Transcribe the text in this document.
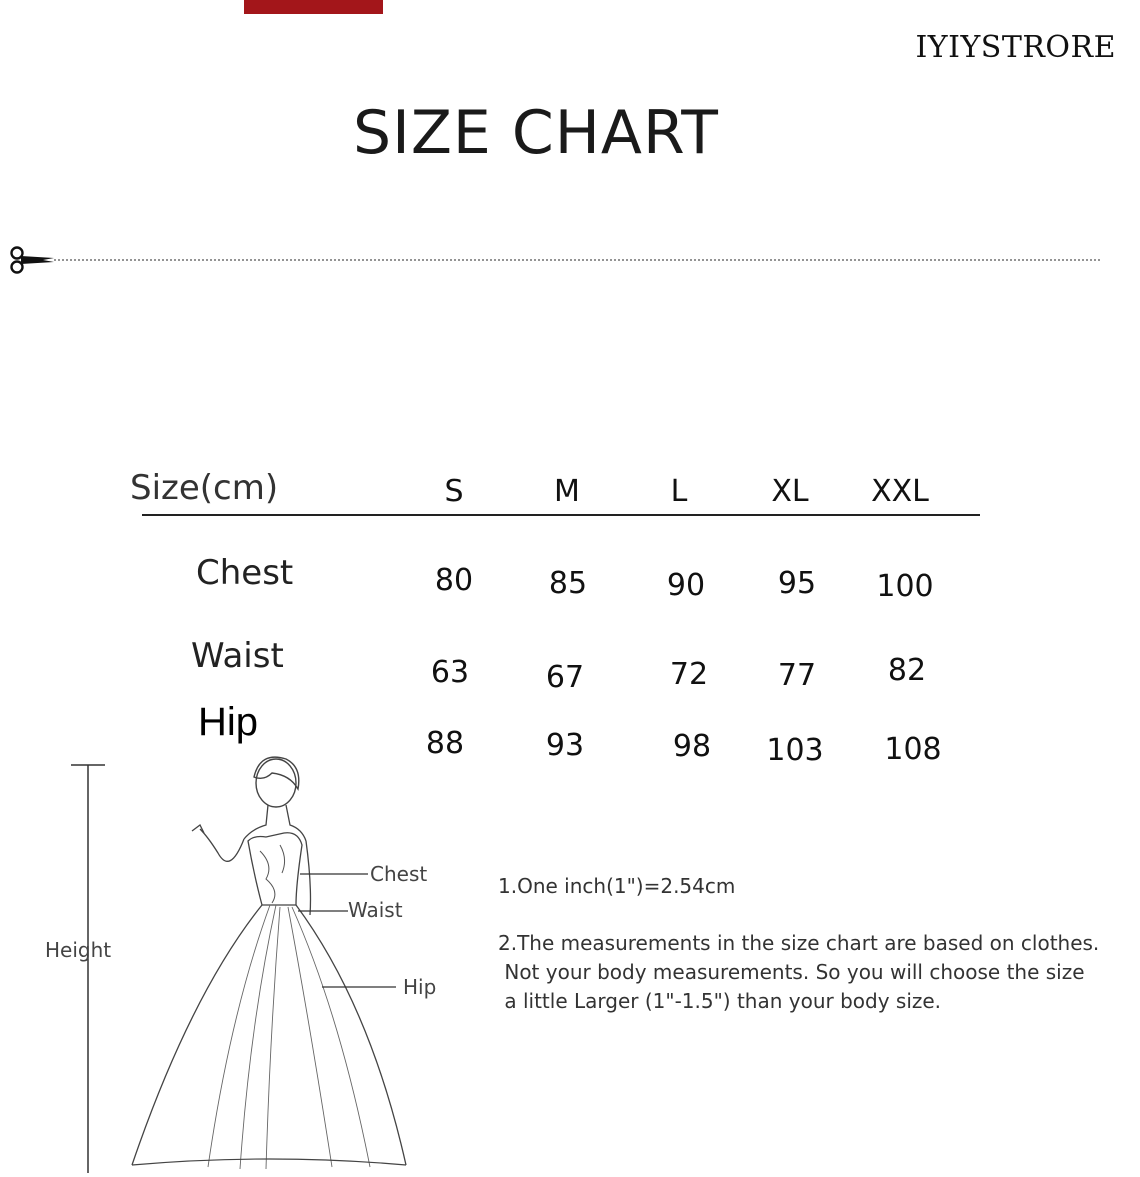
IYIYSTRORE
SIZE CHART
Size(cm)	S	M	L	XL	XXL
Chest	80	85	90	95	100
Waist	63	67	72	77	82
Hip	88	93	98	103	108
Height
Chest
Waist
Hip
1.One inch(1")=2.54cm
2.The measurements in the size chart are based on clothes.
Not your body measurements. So you will choose the size
a little Larger (1"-1.5") than your body size.
